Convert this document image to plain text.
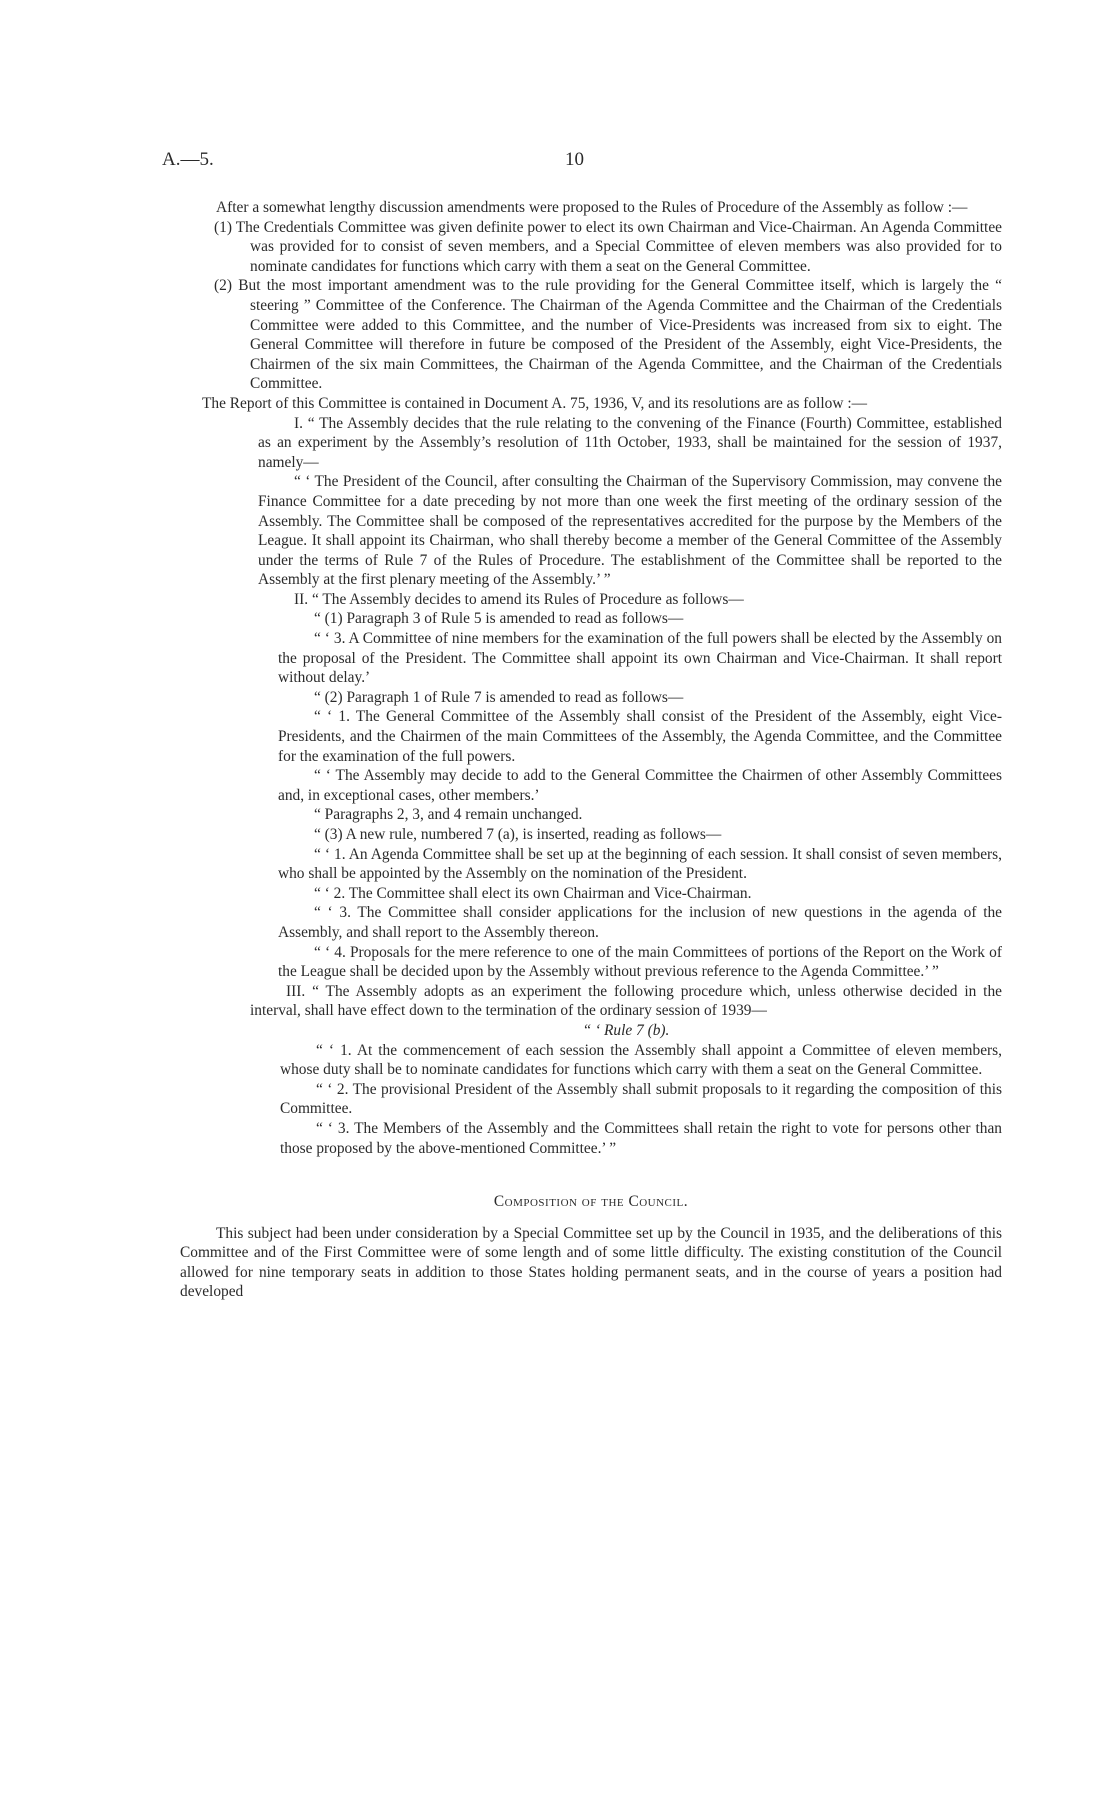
A.—5.	10

After a somewhat lengthy discussion amendments were proposed to the Rules of Procedure of the Assembly as follow :—

(1) The Credentials Committee was given definite power to elect its own Chairman and Vice-Chairman. An Agenda Committee was provided for to consist of seven members, and a Special Committee of eleven members was also provided for to nominate candidates for functions which carry with them a seat on the General Committee.

(2) But the most important amendment was to the rule providing for the General Committee itself, which is largely the “ steering ” Committee of the Conference. The Chairman of the Agenda Committee and the Chairman of the Credentials Committee were added to this Committee, and the number of Vice-Presidents was increased from six to eight. The General Committee will therefore in future be composed of the President of the Assembly, eight Vice-Presidents, the Chairmen of the six main Committees, the Chairman of the Agenda Committee, and the Chairman of the Credentials Committee.

The Report of this Committee is contained in Document A. 75, 1936, V, and its resolutions are as follow :—

I. “ The Assembly decides that the rule relating to the convening of the Finance (Fourth) Committee, established as an experiment by the Assembly’s resolution of 11th October, 1933, shall be maintained for the session of 1937, namely—

“ ‘ The President of the Council, after consulting the Chairman of the Supervisory Commission, may convene the Finance Committee for a date preceding by not more than one week the first meeting of the ordinary session of the Assembly. The Committee shall be composed of the representatives accredited for the purpose by the Members of the League. It shall appoint its Chairman, who shall thereby become a member of the General Committee of the Assembly under the terms of Rule 7 of the Rules of Procedure. The establishment of the Committee shall be reported to the Assembly at the first plenary meeting of the Assembly.’ ”

II. “ The Assembly decides to amend its Rules of Procedure as follows—

“ (1) Paragraph 3 of Rule 5 is amended to read as follows—

“ ‘ 3. A Committee of nine members for the examination of the full powers shall be elected by the Assembly on the proposal of the President. The Committee shall appoint its own Chairman and Vice-Chairman. It shall report without delay.’

“ (2) Paragraph 1 of Rule 7 is amended to read as follows—

“ ‘ 1. The General Committee of the Assembly shall consist of the President of the Assembly, eight Vice-Presidents, and the Chairmen of the main Committees of the Assembly, the Agenda Committee, and the Committee for the examination of the full powers.

“ ‘ The Assembly may decide to add to the General Committee the Chairmen of other Assembly Committees and, in exceptional cases, other members.’

“ Paragraphs 2, 3, and 4 remain unchanged.

“ (3) A new rule, numbered 7 (a), is inserted, reading as follows—

“ ‘ 1. An Agenda Committee shall be set up at the beginning of each session. It shall consist of seven members, who shall be appointed by the Assembly on the nomination of the President.

“ ‘ 2. The Committee shall elect its own Chairman and Vice-Chairman.

“ ‘ 3. The Committee shall consider applications for the inclusion of new questions in the agenda of the Assembly, and shall report to the Assembly thereon.

“ ‘ 4. Proposals for the mere reference to one of the main Committees of portions of the Report on the Work of the League shall be decided upon by the Assembly without previous reference to the Agenda Committee.’ ”

III. “ The Assembly adopts as an experiment the following procedure which, unless otherwise decided in the interval, shall have effect down to the termination of the ordinary session of 1939—

“ ‘ Rule 7 (b).

“ ‘ 1. At the commencement of each session the Assembly shall appoint a Committee of eleven members, whose duty shall be to nominate candidates for functions which carry with them a seat on the General Committee.

“ ‘ 2. The provisional President of the Assembly shall submit proposals to it regarding the composition of this Committee.

“ ‘ 3. The Members of the Assembly and the Committees shall retain the right to vote for persons other than those proposed by the above-mentioned Committee.’ ”

Composition of the Council.

This subject had been under consideration by a Special Committee set up by the Council in 1935, and the deliberations of this Committee and of the First Committee were of some length and of some little difficulty. The existing constitution of the Council allowed for nine temporary seats in addition to those States holding permanent seats, and in the course of years a position had developed
